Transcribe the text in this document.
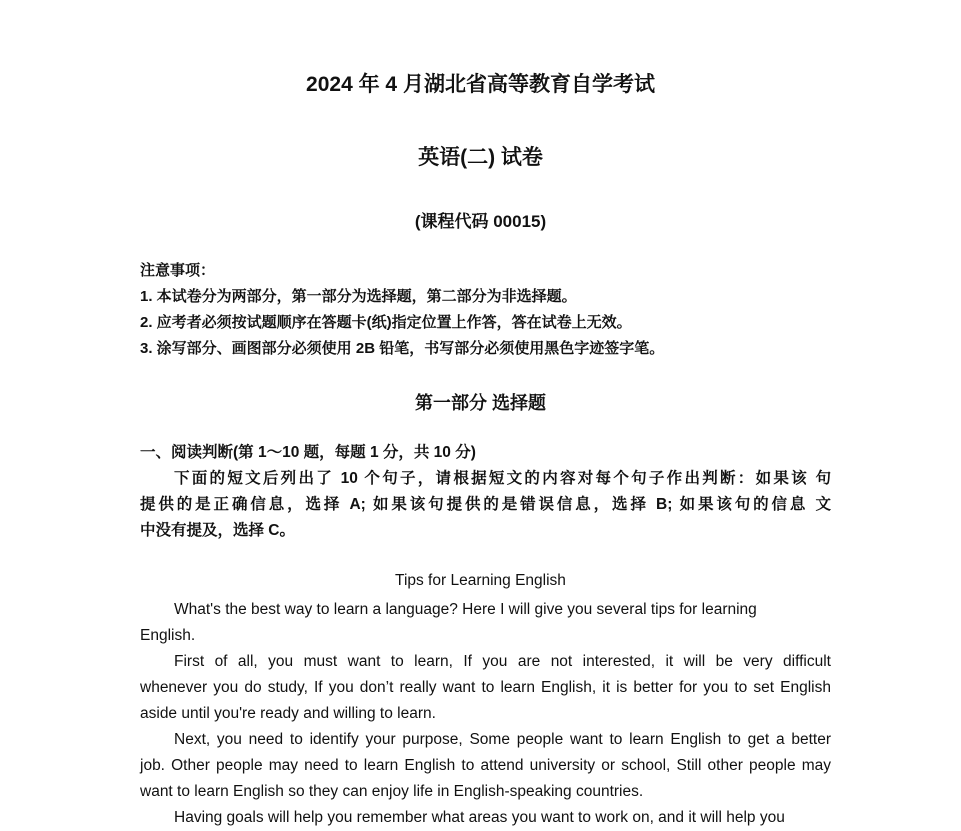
2024 年 4 月湖北省高等教育自学考试
英语(二) 试卷
(课程代码 00015)
注意事项：
1. 本试卷分为两部分，第一部分为选择题，第二部分为非选择题。
2. 应考者必须按试题顺序在答题卡(纸)指定位置上作答，答在试卷上无效。
3. 涂写部分、画图部分必须使用 2B 铅笔，书写部分必须使用黑色字迹签字笔。
第一部分 选择题
一、阅读判断(第 1～10 题，每题 1 分，共 10 分)
下面的短文后列出了 10 个句子，请根据短文的内容对每个句子作出判断：如果该 句
提供的是正确信息，选择 A; 如果该句提供的是错误信息，选择 B; 如果该句的信息 文
中没有提及，选择 C。
Tips for Learning English
What's the best way to learn a language? Here I will give you several tips for learning
English.
First of all, you must want to learn, If you are not interested, it will be very difficult
whenever you do study, If you don’t really want to learn English, it is better for you to set English
aside until you're ready and willing to learn.
Next, you need to identify your purpose, Some people want to learn English to get a better
job. Other people may need to learn English to attend university or school, Still other people may
want to learn English so they can enjoy life in English-speaking countries.
Having goals will help you remember what areas you want to work on, and it will help you
